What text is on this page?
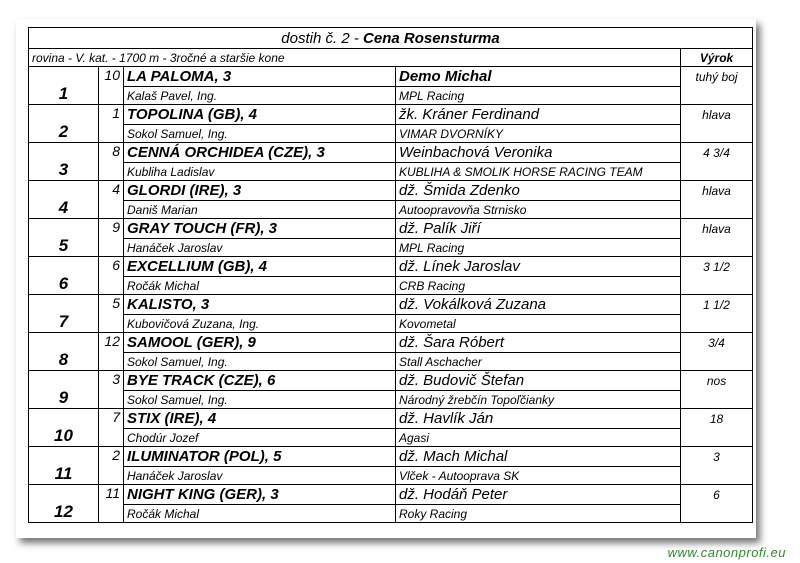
dostih č. 2 - Cena Rosensturma				
rovina - V. kat. - 1700 m - 3ročné a staršie kone				Výrok
1	10	LA PALOMA, 3	Demo Michal	tuhý boj
		Kalaš Pavel, Ing.	MPL Racing	
2	1	TOPOLINA (GB), 4	žk. Kráner Ferdinand	hlava
		Sokol Samuel, Ing.	VIMAR DVORNÍKY	
3	8	CENNÁ ORCHIDEA (CZE), 3	Weinbachová Veronika	4 3/4
		Kubliha Ladislav	KUBLIHA & SMOLIK HORSE RACING TEAM	
4	4	GLORDI (IRE), 3	dž. Šmida Zdenko	hlava
		Daniš Marian	Autoopravovňa Strnisko	
5	9	GRAY TOUCH (FR), 3	dž. Palík Jiří	hlava
		Hanáček Jaroslav	MPL Racing	
6	6	EXCELLIUM (GB), 4	dž. Línek Jaroslav	3 1/2
		Ročák Michal	CRB Racing	
7	5	KALISTO, 3	dž. Vokálková Zuzana	1 1/2
		Kubovičová Zuzana, Ing.	Kovometal	
8	12	SAMOOL (GER), 9	dž. Šara Róbert	3/4
		Sokol Samuel, Ing.	Stall Aschacher	
9	3	BYE TRACK (CZE), 6	dž. Budovič Štefan	nos
		Sokol Samuel, Ing.	Národný žrebčín Topoľčianky	
10	7	STIX (IRE), 4	dž. Havlík Ján	18
		Chodúr Jozef	Agasi	
11	2	ILUMINATOR (POL), 5	dž. Mach Michal	3
		Hanáček Jaroslav	Vlček - Autooprava SK	
12	11	NIGHT KING (GER), 3	dž. Hodáň Peter	6
		Ročák Michal	Roky Racing	
www.canonprofi.eu
